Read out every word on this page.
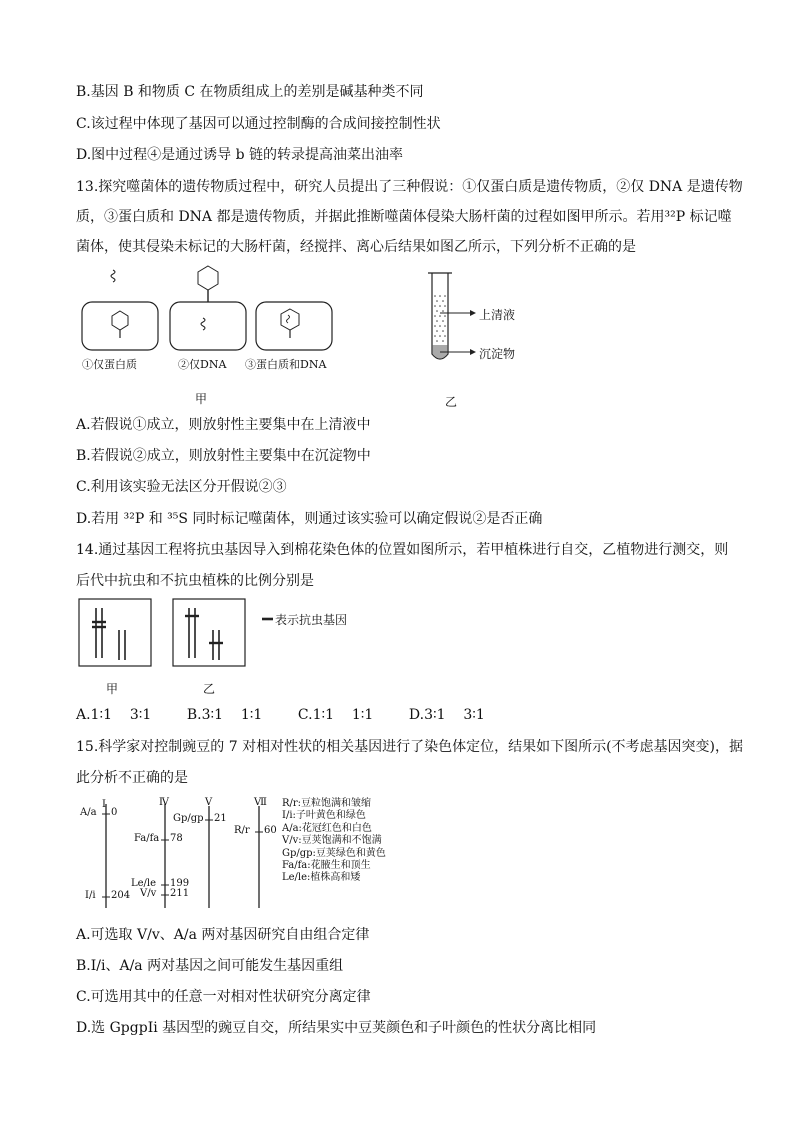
B.基因 B 和物质 C 在物质组成上的差别是碱基种类不同
C.该过程中体现了基因可以通过控制酶的合成间接控制性状
D.图中过程④是通过诱导 b 链的转录提高油菜出油率
13.探究噬菌体的遗传物质过程中，研究人员提出了三种假说：①仅蛋白质是遗传物质，②仅 DNA 是遗传物
质，③蛋白质和 DNA 都是遗传物质，并据此推断噬菌体侵染大肠杆菌的过程如图甲所示。若用³²P 标记噬
菌体，使其侵染未标记的大肠杆菌，经搅拌、离心后结果如图乙所示，下列分析不正确的是
①仅蛋白质	②仅DNA ③蛋白质和DNA
甲
上清液
沉淀物
乙
A.若假说①成立，则放射性主要集中在上清液中
B.若假说②成立，则放射性主要集中在沉淀物中
C.利用该实验无法区分开假说②③
D.若用 ³²P 和 ³⁵S 同时标记噬菌体，则通过该实验可以确定假说②是否正确
14.通过基因工程将抗虫基因导入到棉花染色体的位置如图所示，若甲植株进行自交，乙植物进行测交，则
后代中抗虫和不抗虫植株的比例分别是
表示抗虫基因
甲	乙
A.1∶1    3∶1        B.3∶1    1∶1        C.1∶1    1∶1        D.3∶1    3∶1
15.科学家对控制豌豆的 7 对相对性状的相关基因进行了染色体定位，结果如下图所示(不考虑基因突变)，据
此分析不正确的是
I	Ⅳ	V	Ⅶ
A/a 0
I/i 204
Fa/fa 78
Le/le 199
V/v 211
Gp/gp 21
R/r 60
R/r:豆粒饱满和皱缩
I/i:子叶黄色和绿色
A/a:花冠红色和白色
V/v:豆荚饱满和不饱满
Gp/gp:豆荚绿色和黄色
Fa/fa:花腋生和顶生
Le/le:植株高和矮
A.可选取 V/v、A/a 两对基因研究自由组合定律
B.I/i、A/a 两对基因之间可能发生基因重组
C.可选用其中的任意一对相对性状研究分离定律
D.选 GpgpIi 基因型的豌豆自交，所结果实中豆荚颜色和子叶颜色的性状分离比相同
